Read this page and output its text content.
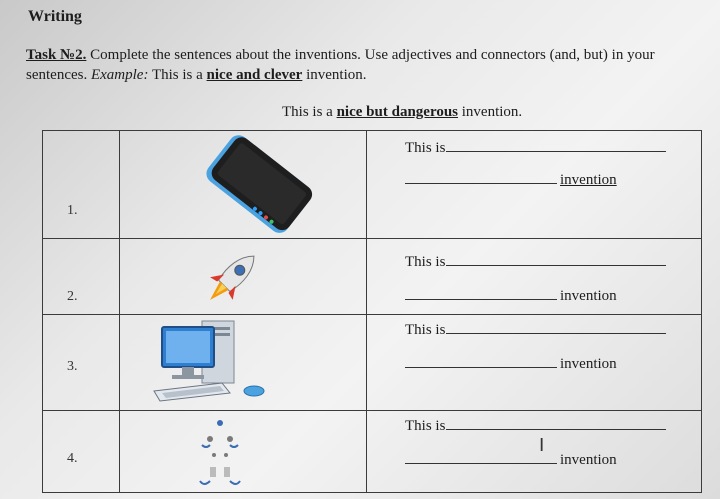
Writing
Task №2. Complete the sentences about the inventions. Use adjectives and connectors (and, but) in your sentences. Example: This is a nice and clever invention.
This is a nice but dangerous invention.
1.		This is
invention

2.		This is
invention

3.		This is
invention

4.		This is
I
invention
